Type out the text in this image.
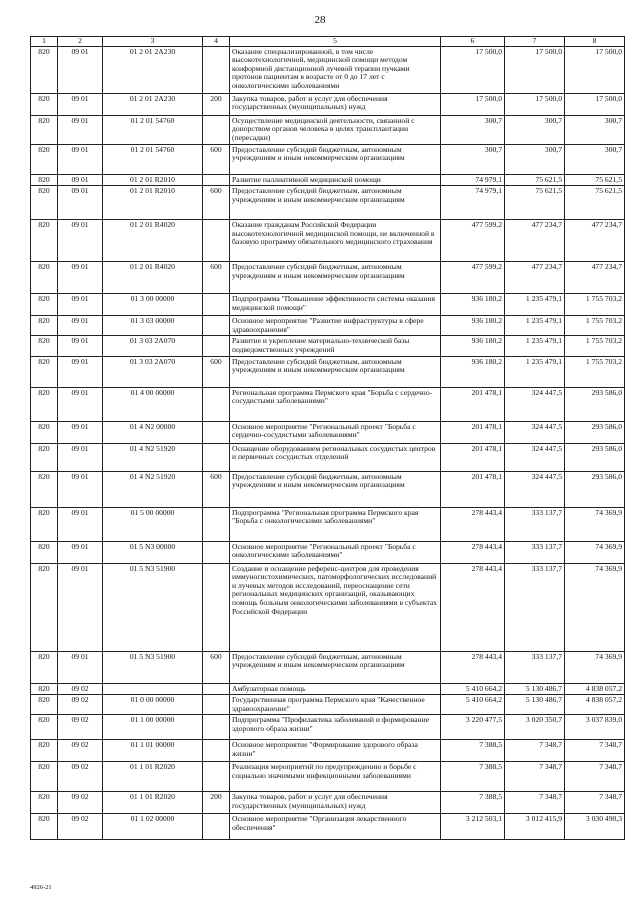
28
1	2	3	4	5	6	7	8
820	09 01	01 2 01 2А230		Оказание специализированной, в том числе высокотехнологичной, медицинской помощи методом конформной дистанционной лучевой терапии пучками протонов пациентам в возрасте от 0 до 17 лет с онкологическими заболеваниями	17 500,0	17 500,0	17 500,0
820	09 01	01 2 01 2А230	200	Закупка товаров, работ и услуг для обеспечения государственных (муниципальных) нужд	17 500,0	17 500,0	17 500,0
820	09 01	01 2 01 54760		Осуществление медицинской деятельности, связанной с донорством органов человека в целях трансплантации (пересадки)	300,7	300,7	300,7
820	09 01	01 2 01 54760	600	Предоставление субсидий бюджетным, автономным учреждениям и иным некоммерческим организациям	300,7	300,7	300,7
820	09 01	01 2 01 R2010		Развитие паллиативной медицинской помощи	74 979,1	75 621,5	75 621,5
820	09 01	01 2 01 R2010	600	Предоставление субсидий бюджетным, автономным учреждениям и иным некоммерческим организациям	74 979,1	75 621,5	75 621,5
820	09 01	01 2 01 R4020		Оказание гражданам Российской Федерации высокотехнологичной медицинской помощи, не включенной в базовую программу обязательного медицинского страхования	477 599,2	477 234,7	477 234,7
820	09 01	01 2 01 R4020	600	Предоставление субсидий бюджетным, автономным учреждениям и иным некоммерческим организациям	477 599,2	477 234,7	477 234,7
820	09 01	01 3 00 00000		Подпрограмма "Повышение эффективности системы оказания медицинской помощи"	936 180,2	1 235 479,1	1 755 703,2
820	09 01	01 3 03 00000		Основное мероприятие "Развитие инфраструктуры в сфере здравоохранения"	936 180,2	1 235 479,1	1 755 703,2
820	09 01	01 3 03 2А070		Развитие и укрепление материально-технической базы подведомственных учреждений	936 180,2	1 235 479,1	1 755 703,2
820	09 01	01 3 03 2А070	600	Предоставление субсидий бюджетным, автономным учреждениям и иным некоммерческим организациям	936 180,2	1 235 479,1	1 755 703,2
820	09 01	01 4 00 00000		Региональная программа Пермского края "Борьба с сердечно-сосудистыми заболеваниями"	201 478,1	324 447,5	293 586,0
820	09 01	01 4 N2 00000		Основное мероприятие "Региональный проект "Борьба с сердечно-сосудистыми заболеваниями"	201 478,1	324 447,5	293 586,0
820	09 01	01 4 N2 51920		Оснащение оборудованием региональных сосудистых центров и первичных сосудистых отделений	201 478,1	324 447,5	293 586,0
820	09 01	01 4 N2 51920	600	Предоставление субсидий бюджетным, автономным учреждениям и иным некоммерческим организациям	201 478,1	324 447,5	293 586,0
820	09 01	01 5 00 00000		Подпрограмма "Региональная программа Пермского края "Борьба с онкологическими заболеваниями"	278 443,4	333 137,7	74 369,9
820	09 01	01 5 N3 00000		Основное мероприятие "Региональный проект "Борьба с онкологическими заболеваниями"	278 443,4	333 137,7	74 369,9
820	09 01	01 5 N3 51900		Создание и оснащение референс-центров для проведения иммуногистохимических, патоморфологических исследований и лучевых методов исследований, переоснащение сети региональных медицинских организаций, оказывающих помощь больным онкологическими заболеваниями в субъектах Российской Федерации	278 443,4	333 137,7	74 369,9
820	09 01	01 5 N3 51900	600	Предоставление субсидий бюджетным, автономным учреждениям и иным некоммерческим организациям	278 443,4	333 137,7	74 369,9
820	09 02			Амбулаторная помощь	5 410 664,2	5 130 486,7	4 838 057,2
820	09 02	01 0 00 00000		Государственная программа Пермского края "Качественное здравоохранение"	5 410 664,2	5 130 486,7	4 838 057,2
820	09 02	01 1 00 00000		Подпрограмма "Профилактика заболеваний и формирование здорового образа жизни"	3 220 477,5	3 020 350,7	3 037 839,0
820	09 02	01 1 01 00000		Основное мероприятие "Формирование здорового образа жизни"	7 388,5	7 348,7	7 348,7
820	09 02	01 1 01 R2020		Реализация мероприятий по предупреждению и борьбе с социально значимыми инфекционными заболеваниями	7 388,5	7 348,7	7 348,7
820	09 02	01 1 01 R2020	200	Закупка товаров, работ и услуг для обеспечения государственных (муниципальных) нужд	7 388,5	7 348,7	7 348,7
820	09 02	01 1 02 00000		Основное мероприятие "Организация лекарственного обеспечения"	3 212 503,1	3 012 415,9	3 030 490,3
4926-21
